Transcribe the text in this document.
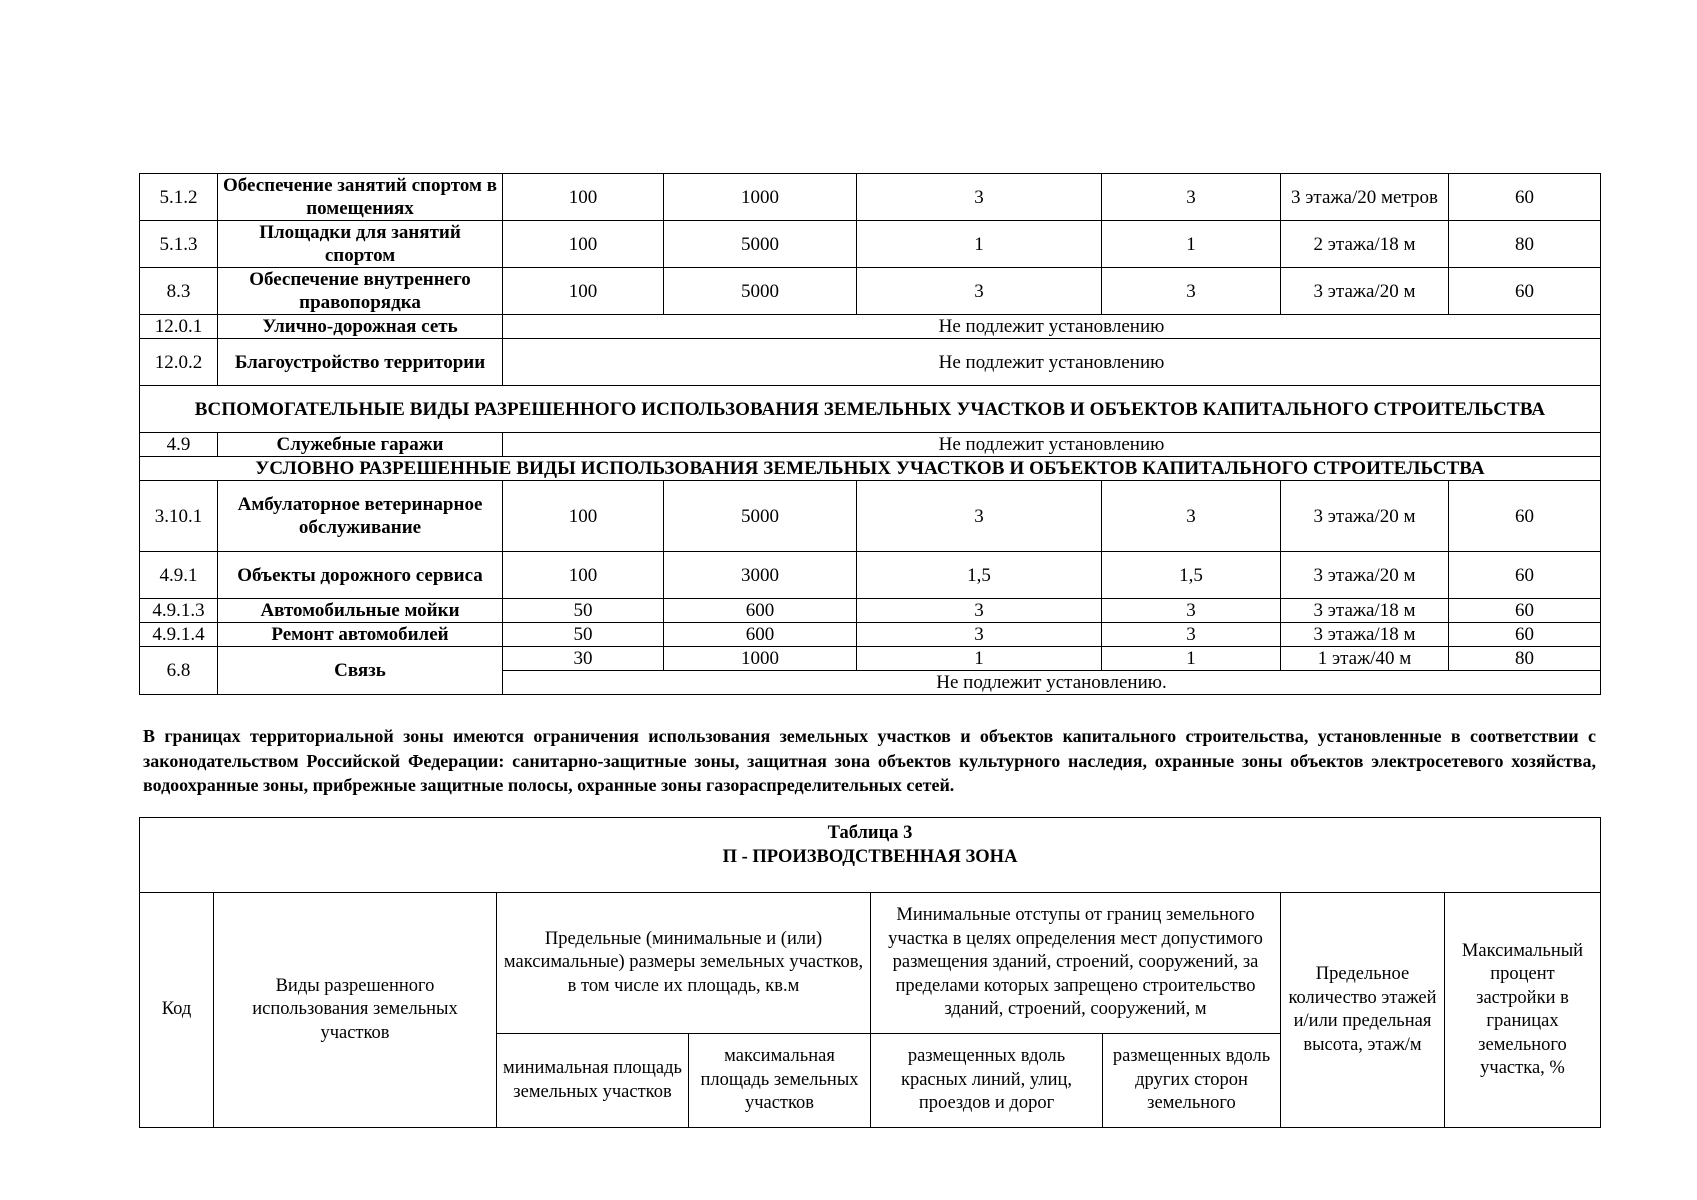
5.1.2	Обеспечение занятий спортом в помещениях	100	1000	3	3	3 этажа/20 метров	60
5.1.3	Площадки для занятий спортом	100	5000	1	1	2 этажа/18 м	80
8.3	Обеспечение внутреннего правопорядка	100	5000	3	3	3 этажа/20 м	60
12.0.1	Улично-дорожная сеть	Не подлежит установлению					
12.0.2	Благоустройство территории	Не подлежит установлению					
ВСПОМОГАТЕЛЬНЫЕ ВИДЫ РАЗРЕШЕННОГО ИСПОЛЬЗОВАНИЯ ЗЕМЕЛЬНЫХ УЧАСТКОВ И ОБЪЕКТОВ КАПИТАЛЬНОГО СТРОИТЕЛЬСТВА							
4.9	Служебные гаражи	Не подлежит установлению					
УСЛОВНО РАЗРЕШЕННЫЕ ВИДЫ ИСПОЛЬЗОВАНИЯ ЗЕМЕЛЬНЫХ УЧАСТКОВ И ОБЪЕКТОВ КАПИТАЛЬНОГО СТРОИТЕЛЬСТВА							
3.10.1	Амбулаторное ветеринарное обслуживание	100	5000	3	3	3 этажа/20 м	60
4.9.1	Объекты дорожного сервиса	100	3000	1,5	1,5	3 этажа/20 м	60
4.9.1.3	Автомобильные мойки	50	600	3	3	3 этажа/18 м	60
4.9.1.4	Ремонт автомобилей	50	600	3	3	3 этажа/18 м	60
6.8	Связь	30	1000	1	1	1 этаж/40 м	80
		Не подлежит установлению.					
В границах территориальной зоны имеются ограничения использования земельных участков и объектов капитального строительства, установленные в соответствии с законодательством Российской Федерации: санитарно-защитные зоны, защитная зона объектов культурного наследия, охранные зоны объектов электросетевого хозяйства, водоохранные зоны, прибрежные защитные полосы, охранные зоны газораспределительных сетей.
Таблица 3
П - ПРОИЗВОДСТВЕННАЯ ЗОНА							

Код	Виды разрешенного использования земельных участков	Предельные (минимальные и (или) максимальные) размеры земельных участков, в том числе их площадь, кв.м		Минимальные отступы от границ земельного участка в целях определения мест допустимого размещения зданий, строений, сооружений, за пределами которых запрещено строительство зданий, строений, сооружений, м		Предельное количество этажей и/или предельная высота, этаж/м	Максимальный процент застройки в границах земельного участка, %
		минимальная площадь земельных участков	максимальная площадь земельных участков	размещенных вдоль красных линий, улиц, проездов и дорог	размещенных вдоль других сторон земельного		
